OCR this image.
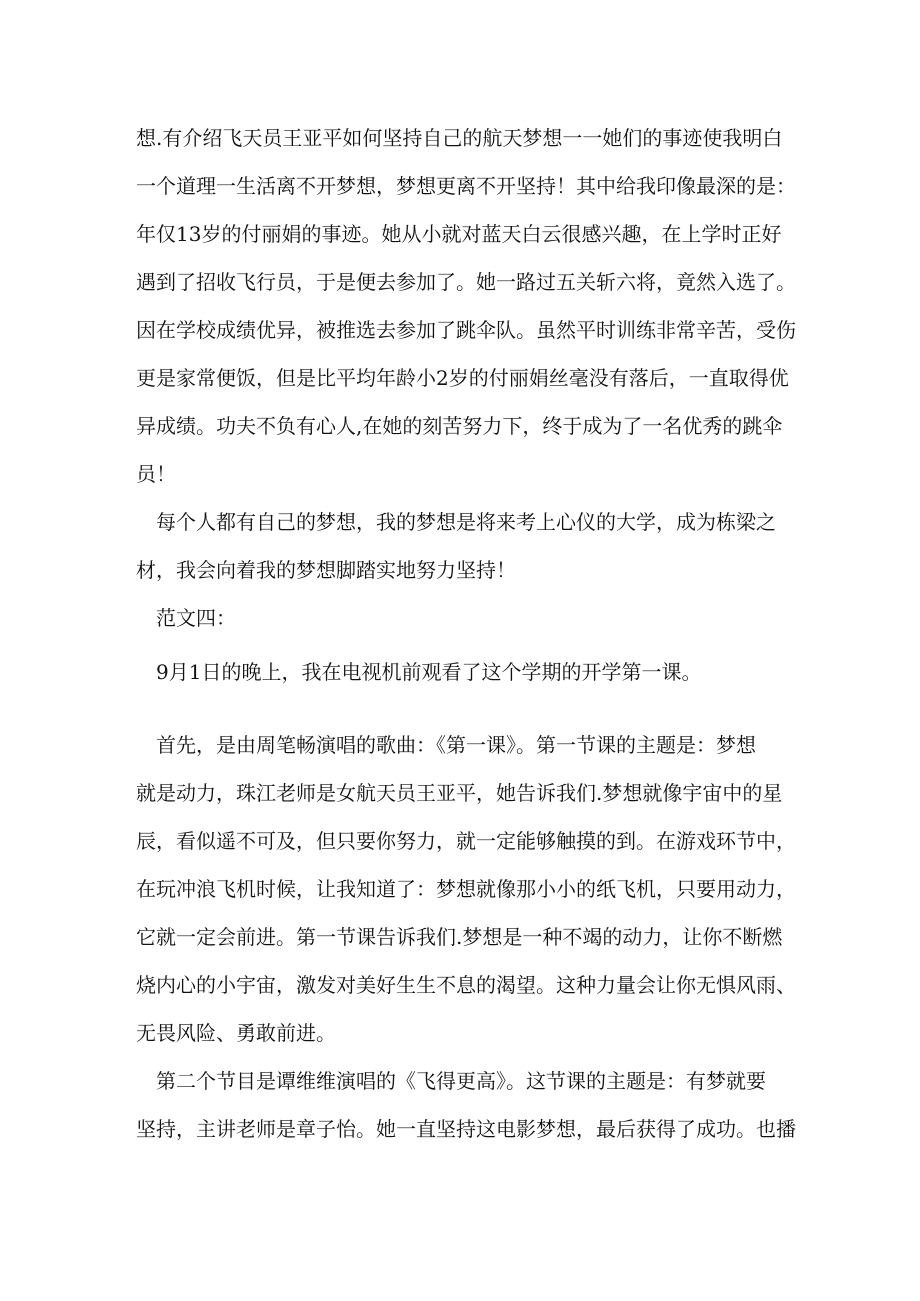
想.有介绍飞天员王亚平如何坚持自己的航天梦想一一她们的事迹使我明白
一个道理一生活离不开梦想，梦想更离不开坚持！其中给我印像最深的是：
年仅13岁的付丽娟的事迹。她从小就对蓝天白云很感兴趣，在上学时正好
遇到了招收飞行员，于是便去参加了。她一路过五关斩六将，竟然入选了。
因在学校成绩优异，被推选去参加了跳伞队。虽然平时训练非常辛苦，受伤
更是家常便饭，但是比平均年龄小2岁的付丽娟丝毫没有落后，一直取得优
异成绩。功夫不负有心人,在她的刻苦努力下，终于成为了一名优秀的跳伞
员！
每个人都有自己的梦想，我的梦想是将来考上心仪的大学，成为栋梁之
材，我会向着我的梦想脚踏实地努力坚持！
范文四：
9月1日的晚上，我在电视机前观看了这个学期的开学第一课。
首先，是由周笔畅演唱的歌曲：《第一课》。第一节课的主题是：梦想
就是动力，珠江老师是女航天员王亚平，她告诉我们.梦想就像宇宙中的星
辰，看似遥不可及，但只要你努力，就一定能够触摸的到。在游戏环节中，
在玩冲浪飞机时候，让我知道了：梦想就像那小小的纸飞机，只要用动力，
它就一定会前进。第一节课告诉我们.梦想是一种不竭的动力，让你不断燃
烧内心的小宇宙，激发对美好生生不息的渴望。这种力量会让你无惧风雨、
无畏风险、勇敢前进。
第二个节目是谭维维演唱的《飞得更高》。这节课的主题是：有梦就要
坚持，主讲老师是章子怡。她一直坚持这电影梦想，最后获得了成功。也播
